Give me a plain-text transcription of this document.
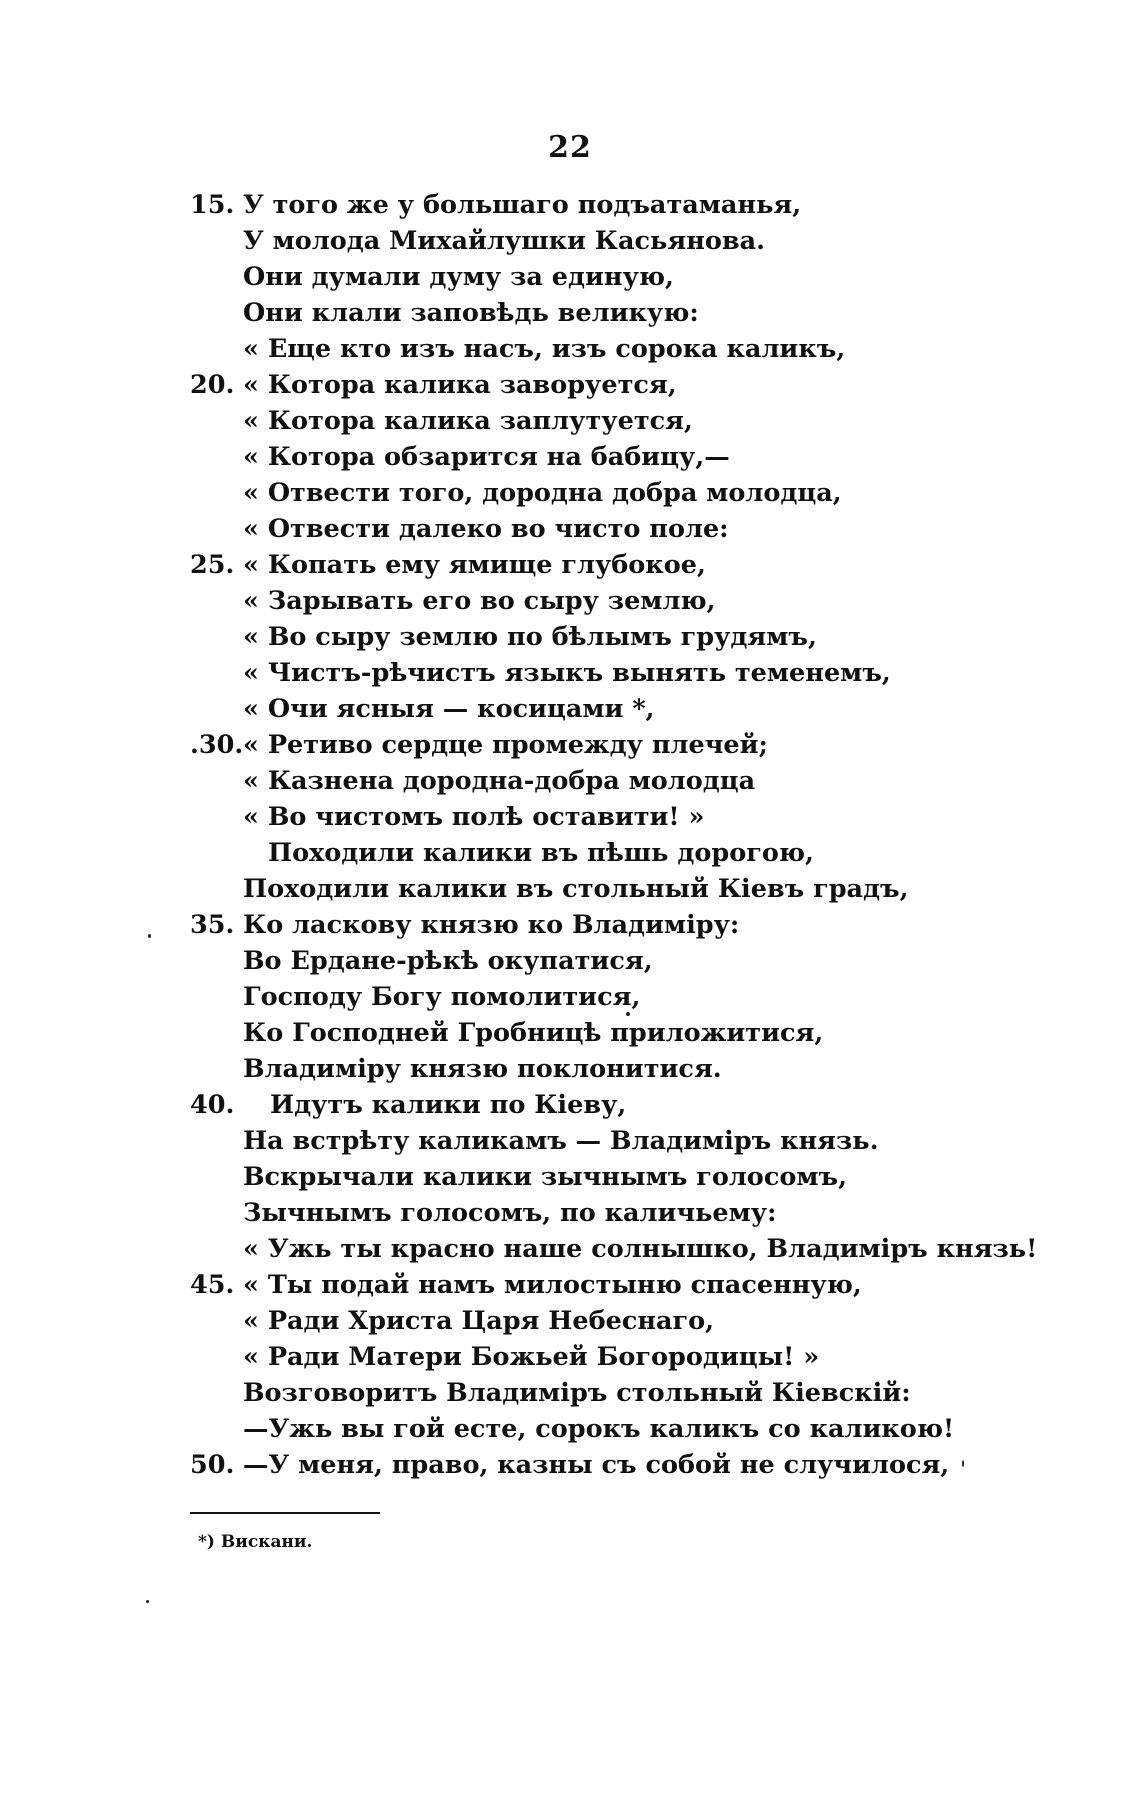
22
15. У того же у большаго подъатаманья,
У молода Михайлушки Касьянова.
Они думали думу за единую,
Они клали заповѣдь великую:
« Еще кто изъ насъ, изъ сорока каликъ,
20. « Котора калика заворуется,
« Котора калика заплутуется,
« Котора обзарится на бабицу,—
« Отвести того, дородна добра молодца,
« Отвести далеко во чисто поле:
25. « Копать ему ямище глубокое,
« Зарывать его во сыру землю,
« Во сыру землю по бѣлымъ грудямъ,
« Чистъ-рѣчистъ языкъ вынять теменемъ,
« Очи ясныя — косицами *,
.30. « Ретиво сердце промежду плечей;
« Казнена дородна-добра молодца
« Во чистомъ полѣ оставити! »
Походили калики въ пѣшь дорогою,
Походили калики въ стольный Кіевъ градъ,
35. Ко ласкову князю ко Владиміру:
Во Ердане-рѣкѣ окупатися,
Господу Богу помолитися,
Ко Господней Гробницѣ приложитися,
Владиміру князю поклонитися.
40. Идутъ калики по Кіеву,
На встрѣту каликамъ — Владиміръ князь.
Вскрычали калики зычнымъ голосомъ,
Зычнымъ голосомъ, по каличьему:
« Ужь ты красно наше солнышко, Владиміръ князь!
45. « Ты подай намъ милостыню спасенную,
« Ради Христа Царя Небеснаго,
« Ради Матери Божьей Богородицы! »
Возговоритъ Владиміръ стольный Кіевскій:
—Ужь вы гой есте, сорокъ каликъ со каликою!
50. —У меня, право, казны съ собой не случилося,
*) Вискани.
